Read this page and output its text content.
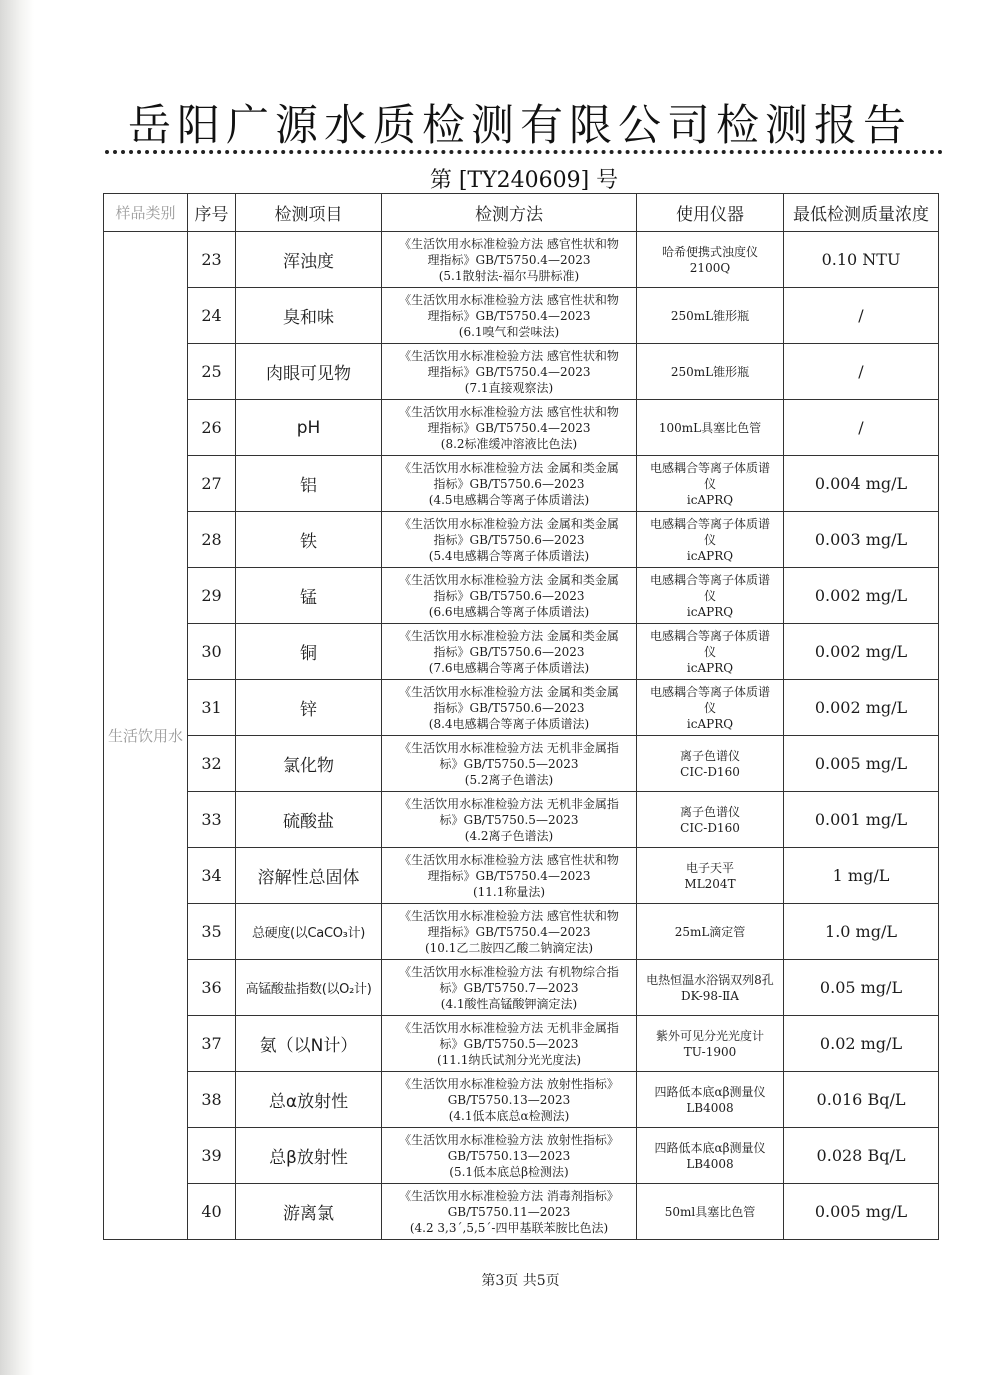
岳阳广源水质检测有限公司检测报告
第 [TY240609] 号
样品类别	序号	检测项目	检测方法	使用仪器	最低检测质量浓度
生活饮用水	23	浑浊度	《生活饮用水标准检验方法 感官性状和物
理指标》GB/T5750.4—2023
(5.1散射法-福尔马肼标准)	哈希便携式浊度仪
2100Q	0.10 NTU
	24	臭和味	《生活饮用水标准检验方法 感官性状和物
理指标》GB/T5750.4—2023
(6.1嗅气和尝味法)	250mL锥形瓶	/
	25	肉眼可见物	《生活饮用水标准检验方法 感官性状和物
理指标》GB/T5750.4—2023
(7.1直接观察法)	250mL锥形瓶	/
	26	pH	《生活饮用水标准检验方法 感官性状和物
理指标》GB/T5750.4—2023
(8.2标准缓冲溶液比色法)	100mL具塞比色管	/
	27	铝	《生活饮用水标准检验方法 金属和类金属
指标》GB/T5750.6—2023
(4.5电感耦合等离子体质谱法)	电感耦合等离子体质谱
仪
icAPRQ	0.004 mg/L
	28	铁	《生活饮用水标准检验方法 金属和类金属
指标》GB/T5750.6—2023
(5.4电感耦合等离子体质谱法)	电感耦合等离子体质谱
仪
icAPRQ	0.003 mg/L
	29	锰	《生活饮用水标准检验方法 金属和类金属
指标》GB/T5750.6—2023
(6.6电感耦合等离子体质谱法)	电感耦合等离子体质谱
仪
icAPRQ	0.002 mg/L
	30	铜	《生活饮用水标准检验方法 金属和类金属
指标》GB/T5750.6—2023
(7.6电感耦合等离子体质谱法)	电感耦合等离子体质谱
仪
icAPRQ	0.002 mg/L
	31	锌	《生活饮用水标准检验方法 金属和类金属
指标》GB/T5750.6—2023
(8.4电感耦合等离子体质谱法)	电感耦合等离子体质谱
仪
icAPRQ	0.002 mg/L
	32	氯化物	《生活饮用水标准检验方法 无机非金属指
标》GB/T5750.5—2023
(5.2离子色谱法)	离子色谱仪
CIC-D160	0.005 mg/L
	33	硫酸盐	《生活饮用水标准检验方法 无机非金属指
标》GB/T5750.5—2023
(4.2离子色谱法)	离子色谱仪
CIC-D160	0.001 mg/L
	34	溶解性总固体	《生活饮用水标准检验方法 感官性状和物
理指标》GB/T5750.4—2023
(11.1称量法)	电子天平
ML204T	1 mg/L
	35	总硬度(以CaCO₃计)	《生活饮用水标准检验方法 感官性状和物
理指标》GB/T5750.4—2023
(10.1乙二胺四乙酸二钠滴定法)	25mL滴定管	1.0 mg/L
	36	高锰酸盐指数(以O₂计)	《生活饮用水标准检验方法 有机物综合指
标》GB/T5750.7—2023
(4.1酸性高锰酸钾滴定法)	电热恒温水浴锅双列8孔
DK-98-ⅡA	0.05 mg/L
	37	氨（以N计）	《生活饮用水标准检验方法 无机非金属指
标》GB/T5750.5—2023
(11.1纳氏试剂分光光度法)	紫外可见分光光度计
TU-1900	0.02 mg/L
	38	总α放射性	《生活饮用水标准检验方法 放射性指标》
GB/T5750.13—2023
(4.1低本底总α检测法)	四路低本底αβ测量仪
LB4008	0.016 Bq/L
	39	总β放射性	《生活饮用水标准检验方法 放射性指标》
GB/T5750.13—2023
(5.1低本底总β检测法)	四路低本底αβ测量仪
LB4008	0.028 Bq/L
	40	游离氯	《生活饮用水标准检验方法 消毒剂指标》
GB/T5750.11—2023
(4.2 3,3´,5,5´-四甲基联苯胺比色法)	50ml具塞比色管	0.005 mg/L
第3页 共5页
